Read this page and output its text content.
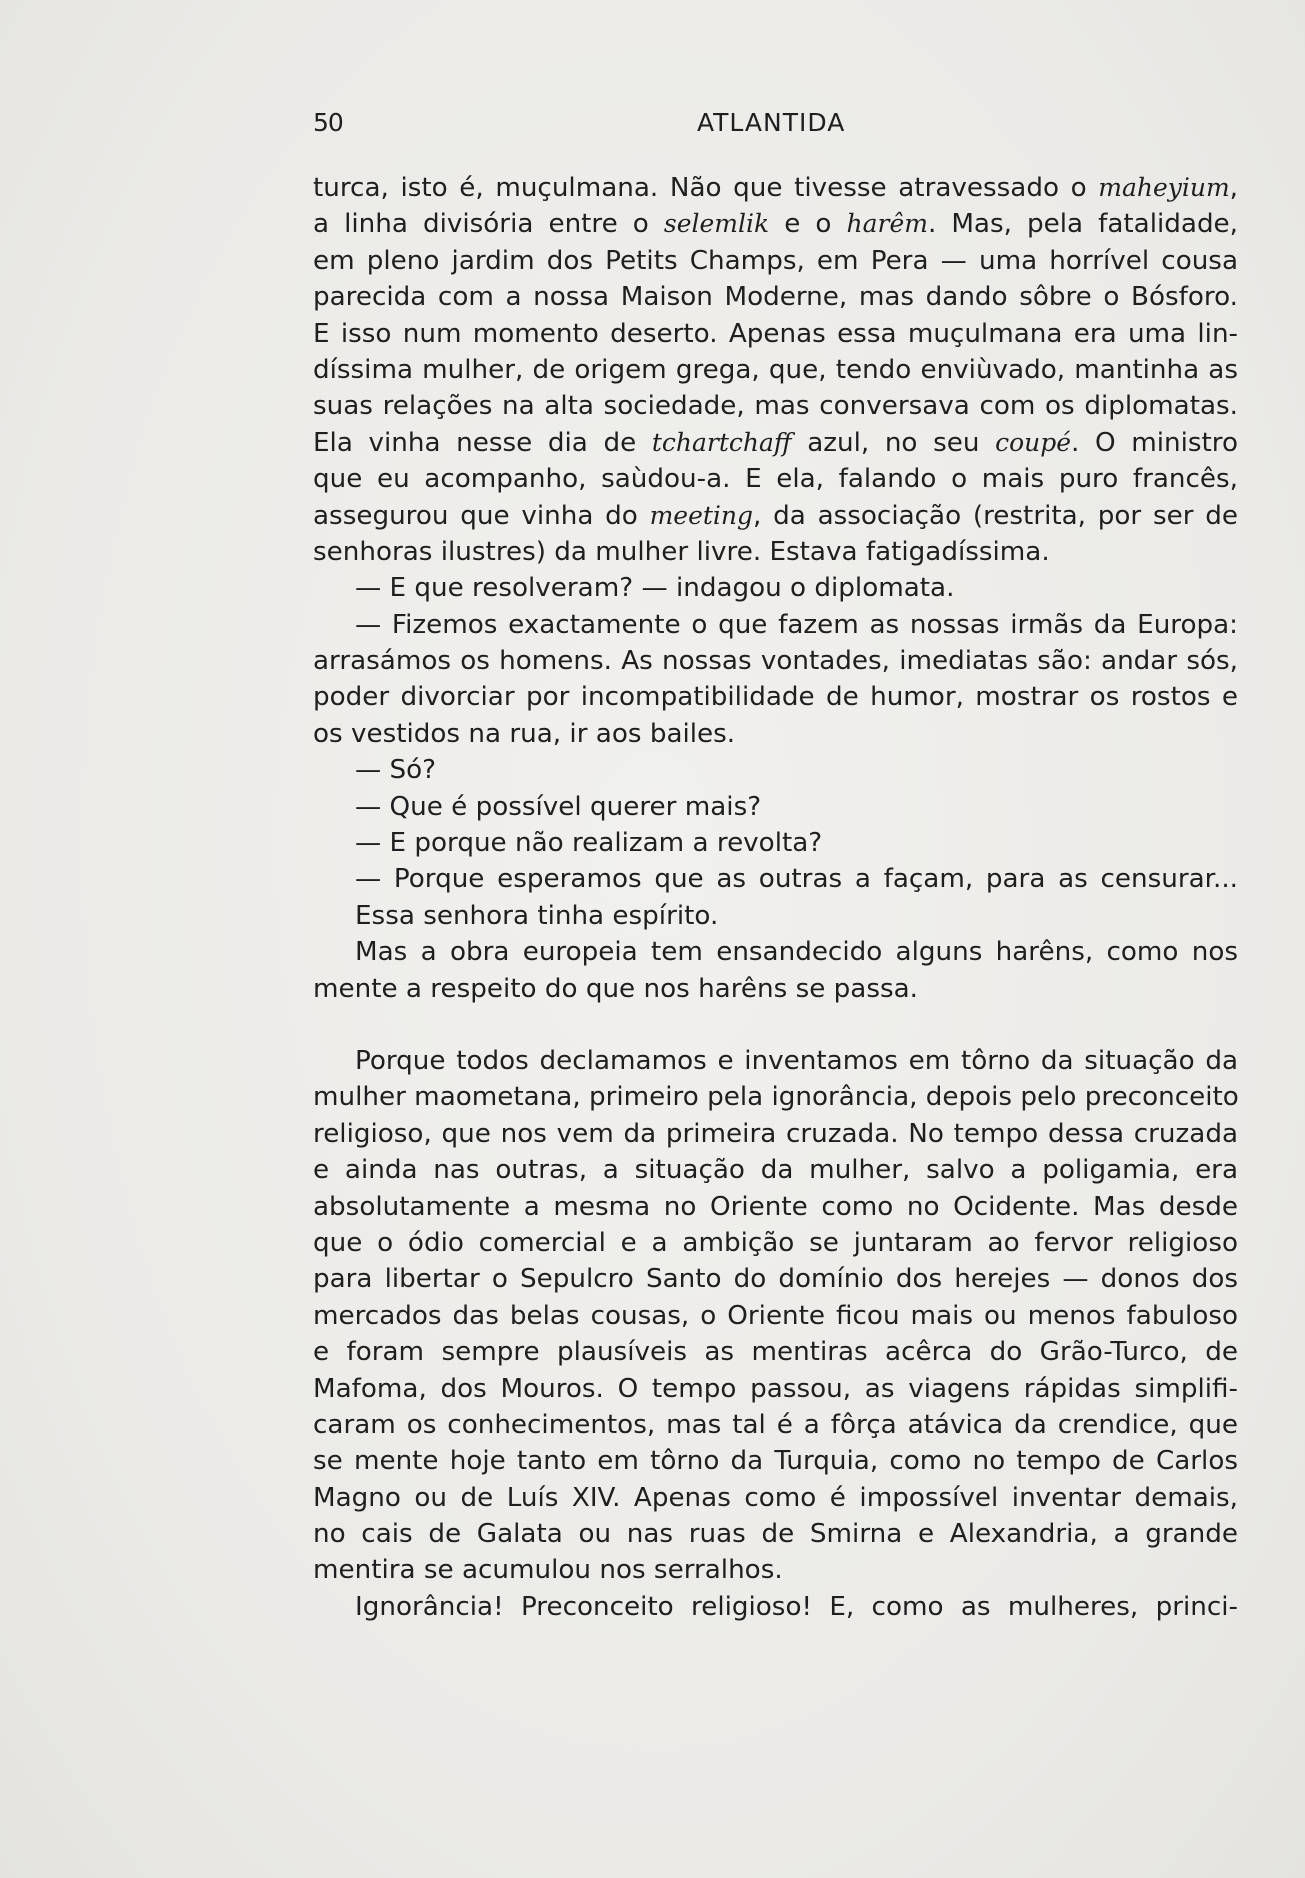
50	ATLANTIDA
turca, isto é, muçulmana. Não que tivesse atravessado o maheyium,
a linha divisória entre o selemlik e o harêm. Mas, pela fatalidade,
em pleno jardim dos Petits Champs, em Pera — uma horrível cousa
parecida com a nossa Maison Moderne, mas dando sôbre o Bósforo.
E isso num momento deserto. Apenas essa muçulmana era uma lin-
díssima mulher, de origem grega, que, tendo enviùvado, mantinha as
suas relações na alta sociedade, mas conversava com os diplomatas.
Ela vinha nesse dia de tchartchaff azul, no seu coupé. O ministro
que eu acompanho, saùdou-a. E ela, falando o mais puro francês,
assegurou que vinha do meeting, da associação (restrita, por ser de
senhoras ilustres) da mulher livre. Estava fatigadíssima.
— E que resolveram? — indagou o diplomata.
— Fizemos exactamente o que fazem as nossas irmãs da Europa:
arrasámos os homens. As nossas vontades, imediatas são: andar sós,
poder divorciar por incompatibilidade de humor, mostrar os rostos e
os vestidos na rua, ir aos bailes.
— Só?
— Que é possível querer mais?
— E porque não realizam a revolta?
— Porque esperamos que as outras a façam, para as censurar...
Essa senhora tinha espírito.
Mas a obra europeia tem ensandecido alguns harêns, como nos
mente a respeito do que nos harêns se passa.
Porque todos declamamos e inventamos em tôrno da situação da
mulher maometana, primeiro pela ignorância, depois pelo preconceito
religioso, que nos vem da primeira cruzada. No tempo dessa cruzada
e ainda nas outras, a situação da mulher, salvo a poligamia, era
absolutamente a mesma no Oriente como no Ocidente. Mas desde
que o ódio comercial e a ambição se juntaram ao fervor religioso
para libertar o Sepulcro Santo do domínio dos herejes — donos dos
mercados das belas cousas, o Oriente ficou mais ou menos fabuloso
e foram sempre plausíveis as mentiras acêrca do Grão-Turco, de
Mafoma, dos Mouros. O tempo passou, as viagens rápidas simplifi-
caram os conhecimentos, mas tal é a fôrça atávica da crendice, que
se mente hoje tanto em tôrno da Turquia, como no tempo de Carlos
Magno ou de Luís XIV. Apenas como é impossível inventar demais,
no cais de Galata ou nas ruas de Smirna e Alexandria, a grande
mentira se acumulou nos serralhos.
Ignorância! Preconceito religioso! E, como as mulheres, princi-
